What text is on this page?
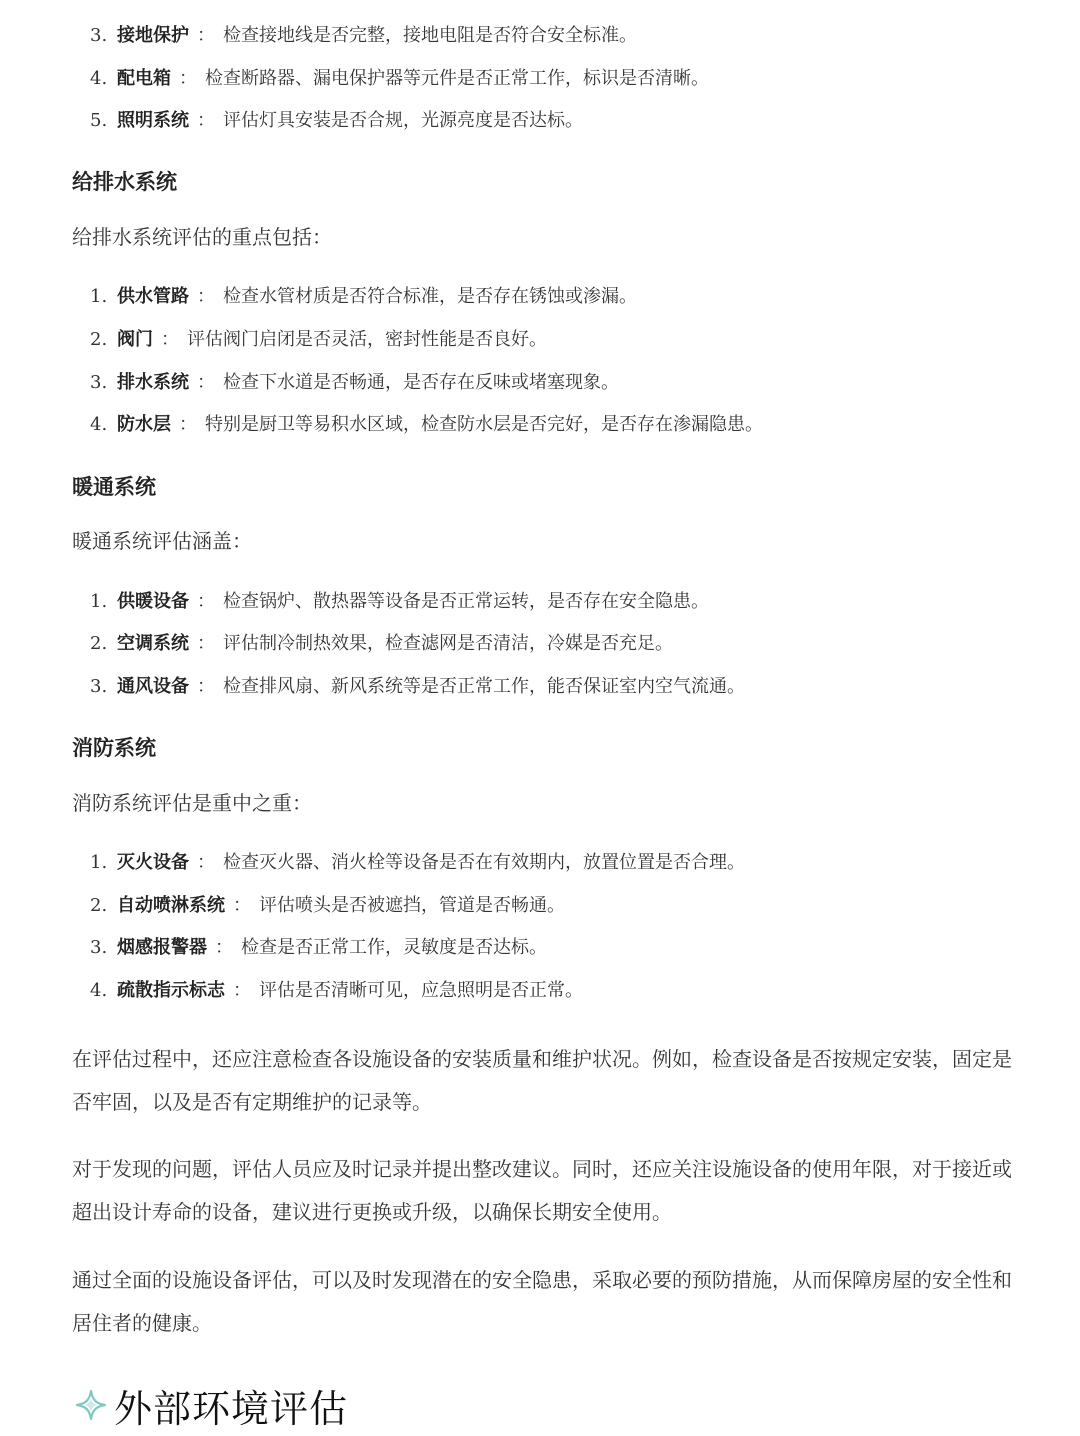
3. 接地保护 ： 检查接地线是否完整，接地电阻是否符合安全标准。
4. 配电箱 ： 检查断路器、漏电保护器等元件是否正常工作，标识是否清晰。
5. 照明系统 ： 评估灯具安装是否合规，光源亮度是否达标。
给排水系统
给排水系统评估的重点包括：
1. 供水管路 ： 检查水管材质是否符合标准，是否存在锈蚀或渗漏。
2. 阀门 ： 评估阀门启闭是否灵活，密封性能是否良好。
3. 排水系统 ： 检查下水道是否畅通，是否存在反味或堵塞现象。
4. 防水层 ： 特别是厨卫等易积水区域，检查防水层是否完好，是否存在渗漏隐患。
暖通系统
暖通系统评估涵盖：
1. 供暖设备 ： 检查锅炉、散热器等设备是否正常运转，是否存在安全隐患。
2. 空调系统 ： 评估制冷制热效果，检查滤网是否清洁，冷媒是否充足。
3. 通风设备 ： 检查排风扇、新风系统等是否正常工作，能否保证室内空气流通。
消防系统
消防系统评估是重中之重：
1. 灭火设备 ： 检查灭火器、消火栓等设备是否在有效期内，放置位置是否合理。
2. 自动喷淋系统 ： 评估喷头是否被遮挡，管道是否畅通。
3. 烟感报警器 ： 检查是否正常工作，灵敏度是否达标。
4. 疏散指示标志 ： 评估是否清晰可见，应急照明是否正常。
在评估过程中，还应注意检查各设施设备的安装质量和维护状况。例如，检查设备是否按规定安装，固定是否牢固，以及是否有定期维护的记录等。
对于发现的问题，评估人员应及时记录并提出整改建议。同时，还应关注设施设备的使用年限，对于接近或超出设计寿命的设备，建议进行更换或升级，以确保长期安全使用。
通过全面的设施设备评估，可以及时发现潜在的安全隐患，采取必要的预防措施，从而保障房屋的安全性和居住者的健康。
外部环境评估
